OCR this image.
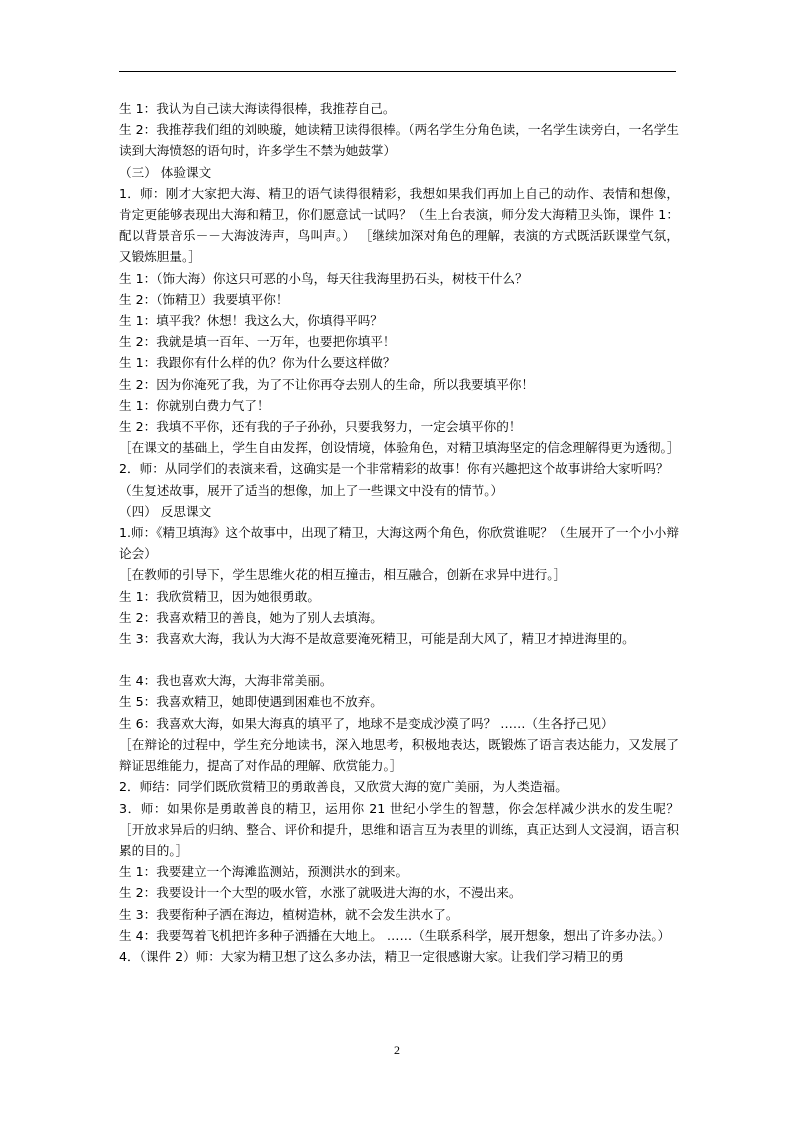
生 1：我认为自己读大海读得很棒，我推荐自己。

生 2：我推荐我们组的刘映璇，她读精卫读得很棒。（两名学生分角色读，一名学生读旁白，一名学生读到大海愤怒的语句时，许多学生不禁为她鼓掌）

（三） 体验课文

1．师：刚才大家把大海、精卫的语气读得很精彩，我想如果我们再加上自己的动作、表情和想像，肯定更能够表现出大海和精卫，你们愿意试一试吗？（生上台表演，师分发大海精卫头饰，课件 1：配以背景音乐－－大海波涛声，鸟叫声。） ［继续加深对角色的理解，表演的方式既活跃课堂气氛，又锻炼胆量。］

生 1：（饰大海）你这只可恶的小鸟，每天往我海里扔石头，树枝干什么？

生 2：（饰精卫）我要填平你！

生 1：填平我？休想！我这么大，你填得平吗？

生 2：我就是填一百年、一万年，也要把你填平！

生 1：我跟你有什么样的仇？你为什么要这样做？

生 2：因为你淹死了我，为了不让你再夺去别人的生命，所以我要填平你！

生 1：你就别白费力气了！

生 2：我填不平你，还有我的子子孙孙，只要我努力，一定会填平你的！

［在课文的基础上，学生自由发挥，创设情境，体验角色，对精卫填海坚定的信念理解得更为透彻。］

2．师：从同学们的表演来看，这确实是一个非常精彩的故事！你有兴趣把这个故事讲给大家听吗？

（生复述故事，展开了适当的想像，加上了一些课文中没有的情节。）

（四） 反思课文

1.师：《精卫填海》这个故事中，出现了精卫，大海这两个角色，你欣赏谁呢？（生展开了一个小小辩论会）

［在教师的引导下，学生思维火花的相互撞击，相互融合，创新在求异中进行。］

生 1：我欣赏精卫，因为她很勇敢。

生 2：我喜欢精卫的善良，她为了别人去填海。

生 3：我喜欢大海，我认为大海不是故意要淹死精卫，可能是刮大风了，精卫才掉进海里的。

生 4：我也喜欢大海，大海非常美丽。

生 5：我喜欢精卫，她即使遇到困难也不放弃。

生 6：我喜欢大海，如果大海真的填平了，地球不是变成沙漠了吗？ ……（生各抒己见）

［在辩论的过程中，学生充分地读书，深入地思考，积极地表达，既锻炼了语言表达能力，又发展了辩证思维能力，提高了对作品的理解、欣赏能力。］

2．师结：同学们既欣赏精卫的勇敢善良，又欣赏大海的宽广美丽，为人类造福。

3．师：如果你是勇敢善良的精卫，运用你 21 世纪小学生的智慧，你会怎样减少洪水的发生呢？ ［开放求异后的归纳、整合、评价和提升，思维和语言互为表里的训练，真正达到人文浸润，语言积累的目的。］

生 1：我要建立一个海滩监测站，预测洪水的到来。

生 2：我要设计一个大型的吸水管，水涨了就吸进大海的水，不漫出来。

生 3：我要衔种子洒在海边，植树造林，就不会发生洪水了。

生 4：我要驾着飞机把许多种子洒播在大地上。 ……（生联系科学，展开想象，想出了许多办法。）

4．（课件 2）师：大家为精卫想了这么多办法，精卫一定很感谢大家。让我们学习精卫的勇

2
